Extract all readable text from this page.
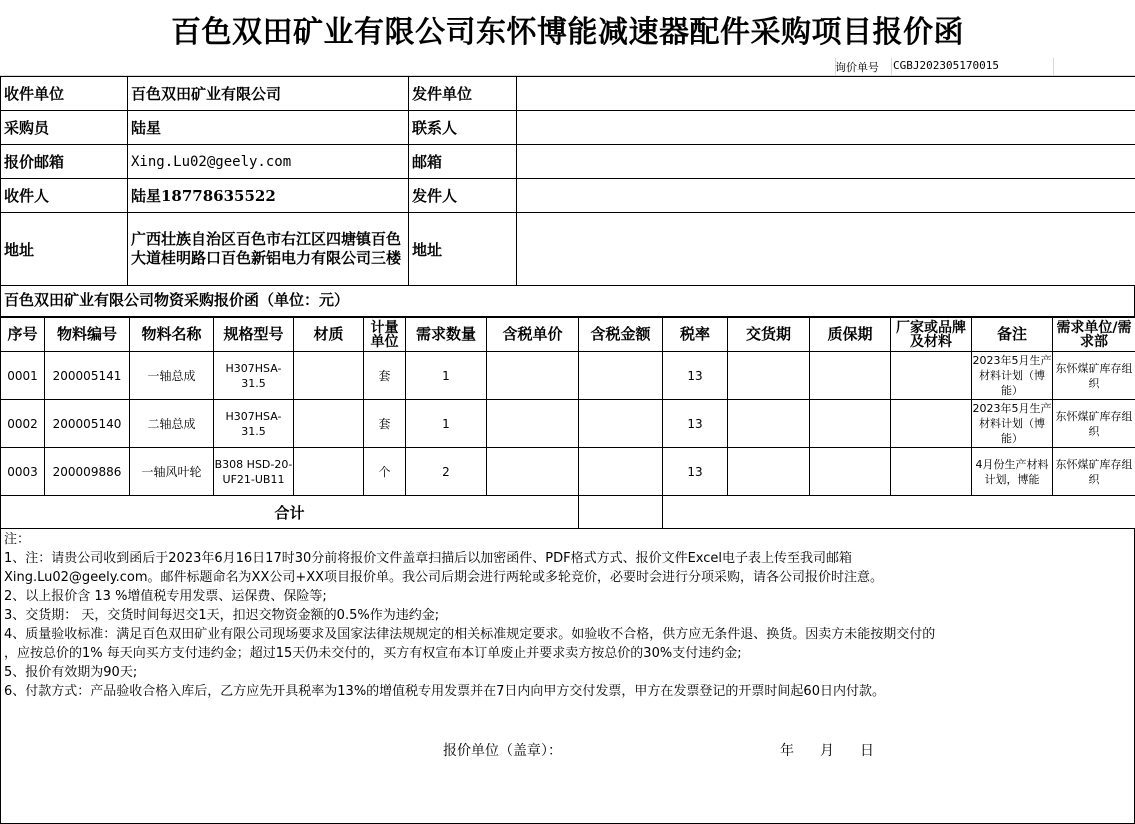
百色双田矿业有限公司东怀博能减速器配件采购项目报价函
询价单号 CGBJ202305170015
收件单位	百色双田矿业有限公司	发件单位	
采购员	陆星	联系人	
报价邮箱	Xing.Lu02@geely.com	邮箱	
收件人	陆星18778635522	发件人	
地址	广西壮族自治区百色市右江区四塘镇百色大道桂明路口百色新铝电力有限公司三楼	地址	
百色双田矿业有限公司物资采购报价函（单位：元）
序号	物料编号	物料名称	规格型号	材质	计量单位	需求数量	含税单价	含税金额	税率	交货期	质保期	厂家或品牌及材料	备注	需求单位/需求部
0001	200005141	一轴总成	H307HSA-31.5		套	1			13				2023年5月生产材料计划（博能）	东怀煤矿库存组织
0002	200005140	二轴总成	H307HSA-31.5		套	1			13				2023年5月生产材料计划（博能）	东怀煤矿库存组织
0003	200009886	一轴风叶轮	B308 HSD-20-UF21-UB11		个	2			13				4月份生产材料计划，博能	东怀煤矿库存组织
合计														

注：

1、注：请贵公司收到函后于2023年6月16日17时30分前将报价文件盖章扫描后以加密函件、PDF格式方式、报价文件Excel电子表上传至我司邮箱

Xing.Lu02@geely.com。邮件标题命名为XX公司+XX项目报价单。我公司后期会进行两轮或多轮竞价，必要时会进行分项采购，请各公司报价时注意。

2、以上报价含 13 %增值税专用发票、运保费、保险等;

3、交货期： 天，交货时间每迟交1天，扣迟交物资金额的0.5%作为违约金;

4、质量验收标准：满足百色双田矿业有限公司现场要求及国家法律法规规定的相关标准规定要求。如验收不合格，供方应无条件退、换货。因卖方未能按期交付的

，应按总价的1% 每天向买方支付违约金；超过15天仍未交付的，买方有权宣布本订单废止并要求卖方按总价的30%支付违约金;

5、报价有效期为90天;

6、付款方式：产品验收合格入库后，乙方应先开具税率为13%的增值税专用发票并在7日内向甲方交付发票，甲方在发票登记的开票时间起60日内付款。

报价单位（盖章）：	年 月 日
